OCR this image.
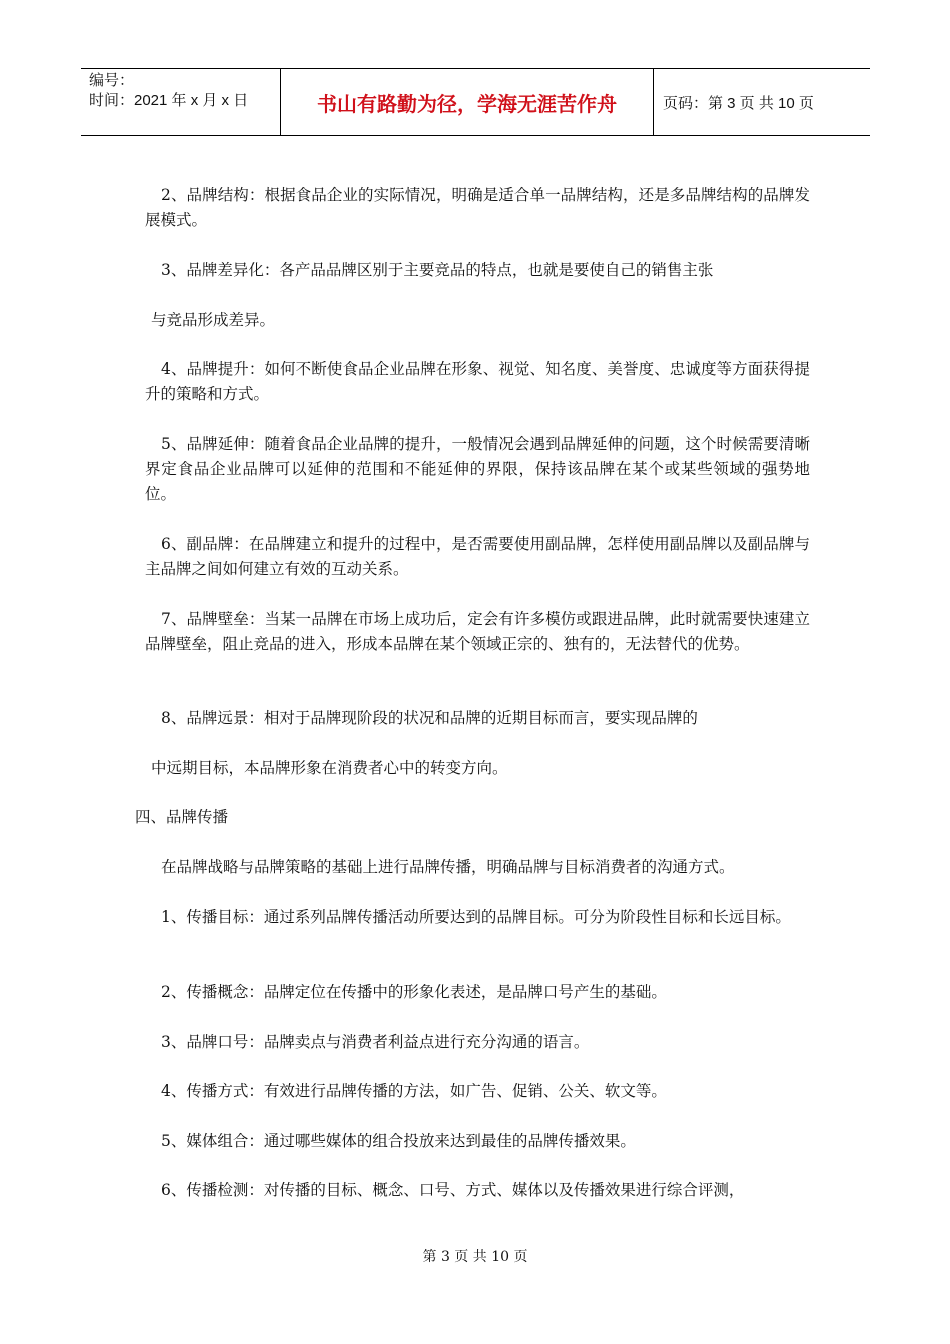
编号：
时间：2021 年 x 月 x 日	书山有路勤为径，学海无涯苦作舟	页码：第 3 页 共 10 页

2、品牌结构：根据食品企业的实际情况，明确是适合单一品牌结构，还是多品牌结构的品牌发展模式。

3、品牌差异化：各产品品牌区别于主要竞品的特点，也就是要使自己的销售主张

与竞品形成差异。

4、品牌提升：如何不断使食品企业品牌在形象、视觉、知名度、美誉度、忠诚度等方面获得提升的策略和方式。

5、品牌延伸：随着食品企业品牌的提升，一般情况会遇到品牌延伸的问题，这个时候需要清晰界定食品企业品牌可以延伸的范围和不能延伸的界限，保持该品牌在某个或某些领域的强势地位。

6、副品牌：在品牌建立和提升的过程中，是否需要使用副品牌，怎样使用副品牌以及副品牌与主品牌之间如何建立有效的互动关系。

7、品牌壁垒：当某一品牌在市场上成功后，定会有许多模仿或跟进品牌，此时就需要快速建立品牌壁垒，阻止竞品的进入，形成本品牌在某个领域正宗的、独有的，无法替代的优势。

8、品牌远景：相对于品牌现阶段的状况和品牌的近期目标而言，要实现品牌的

中远期目标，本品牌形象在消费者心中的转变方向。

四、品牌传播

在品牌战略与品牌策略的基础上进行品牌传播，明确品牌与目标消费者的沟通方式。

1、传播目标：通过系列品牌传播活动所要达到的品牌目标。可分为阶段性目标和长远目标。

2、传播概念：品牌定位在传播中的形象化表述，是品牌口号产生的基础。

3、品牌口号：品牌卖点与消费者利益点进行充分沟通的语言。

4、传播方式：有效进行品牌传播的方法，如广告、促销、公关、软文等。

5、媒体组合：通过哪些媒体的组合投放来达到最佳的品牌传播效果。

6、传播检测：对传播的目标、概念、口号、方式、媒体以及传播效果进行综合评测，

第 3 页 共 10 页
